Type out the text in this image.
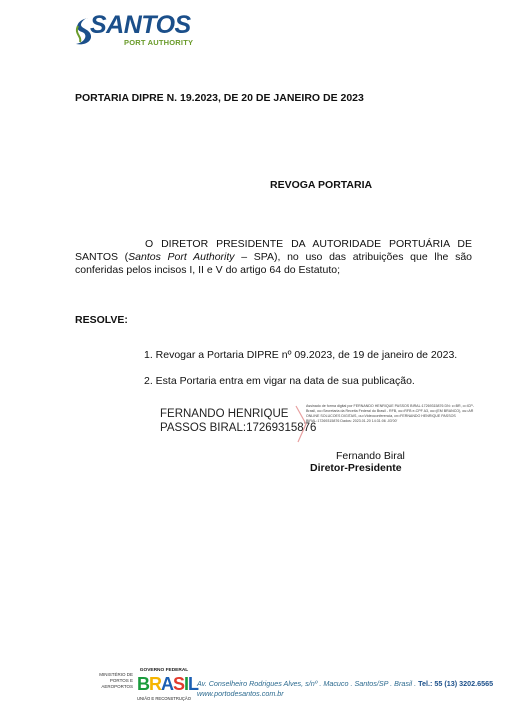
SANTOS
PORT AUTHORITY
PORTARIA DIPRE N. 19.2023, DE 20 DE JANEIRO DE 2023
REVOGA PORTARIA
O DIRETOR PRESIDENTE DA AUTORIDADE PORTUÁRIA DE SANTOS (Santos Port Authority – SPA), no uso das atribuições que lhe são conferidas pelos incisos I, II e V do artigo 64 do Estatuto;
RESOLVE:
1. Revogar a Portaria DIPRE nº 09.2023, de 19 de janeiro de 2023.
2. Esta Portaria entra em vigar na data de sua publicação.
FERNANDO HENRIQUE
PASSOS BIRAL:17269315876
Assinado de forma digital por FERNANDO HENRIQUE PASSOS BIRAL:17269315876 DN: c=BR, o=ICP-Brasil, ou=Secretaria da Receita Federal do Brasil - RFB, ou=RFB e-CPF A3, ou=(EM BRANCO), ou=AR ONLINE SOLUCOES DIGITAIS, ou=Videoconferencia, cn=FERNANDO HENRIQUE PASSOS BIRAL:17269315876 Dados: 2023.01.20 14:31:06 -03'00'
Fernando Biral
Diretor-Presidente
MINISTÉRIO DE
PORTOS E AEROPORTOS
GOVERNO FEDERAL
BRASIL
UNIÃO E RECONSTRUÇÃO
Av. Conselheiro Rodrigues Alves, s/nº . Macuco . Santos/SP . Brasil . Tel.: 55 (13) 3202.6565
www.portodesantos.com.br
